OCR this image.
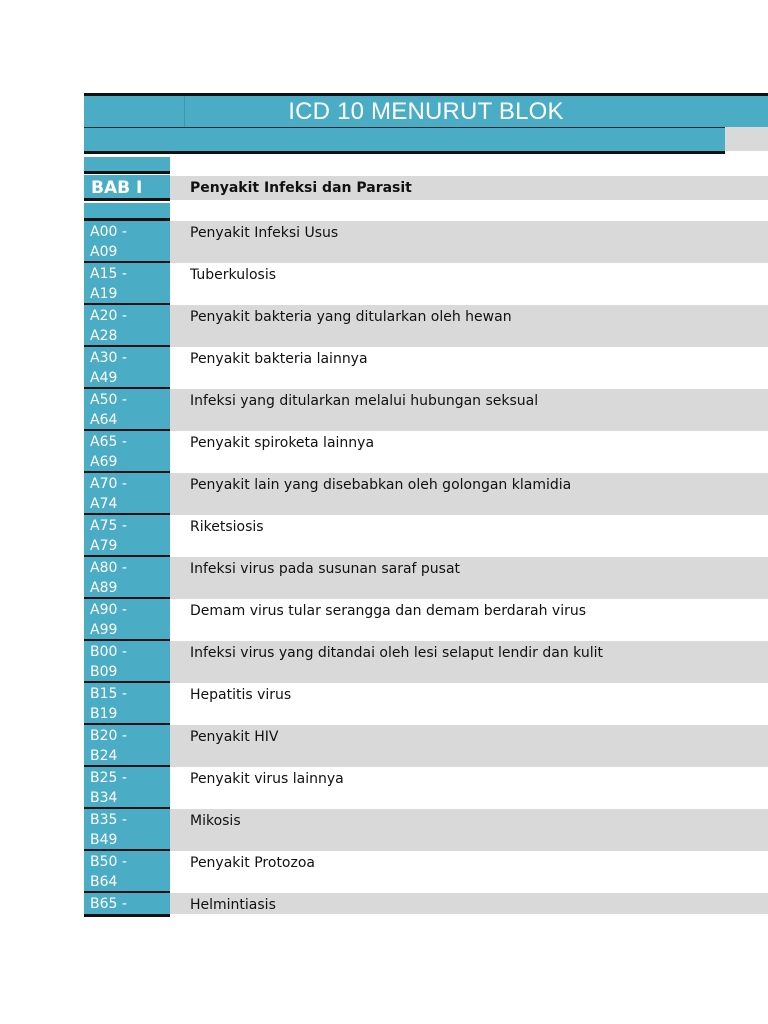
ICD 10 MENURUT BLOK
BAB I	Penyakit Infeksi dan Parasit
A00 -
A09
Penyakit Infeksi Usus
A15 -
A19
Tuberkulosis
A20 -
A28
Penyakit bakteria yang ditularkan oleh hewan
A30 -
A49
Penyakit bakteria lainnya
A50 -
A64
Infeksi yang ditularkan melalui hubungan seksual
A65 -
A69
Penyakit spiroketa lainnya
A70 -
A74
Penyakit lain yang disebabkan oleh golongan klamidia
A75 -
A79
Riketsiosis
A80 -
A89
Infeksi virus pada susunan saraf pusat
A90 -
A99
Demam virus tular serangga dan demam berdarah virus
B00 -
B09
Infeksi virus yang ditandai oleh lesi selaput lendir dan kulit
B15 -
B19
Hepatitis virus
B20 -
B24
Penyakit HIV
B25 -
B34
Penyakit virus lainnya
B35 -
B49
Mikosis
B50 -
B64
Penyakit Protozoa
B65 -	Helmintiasis
